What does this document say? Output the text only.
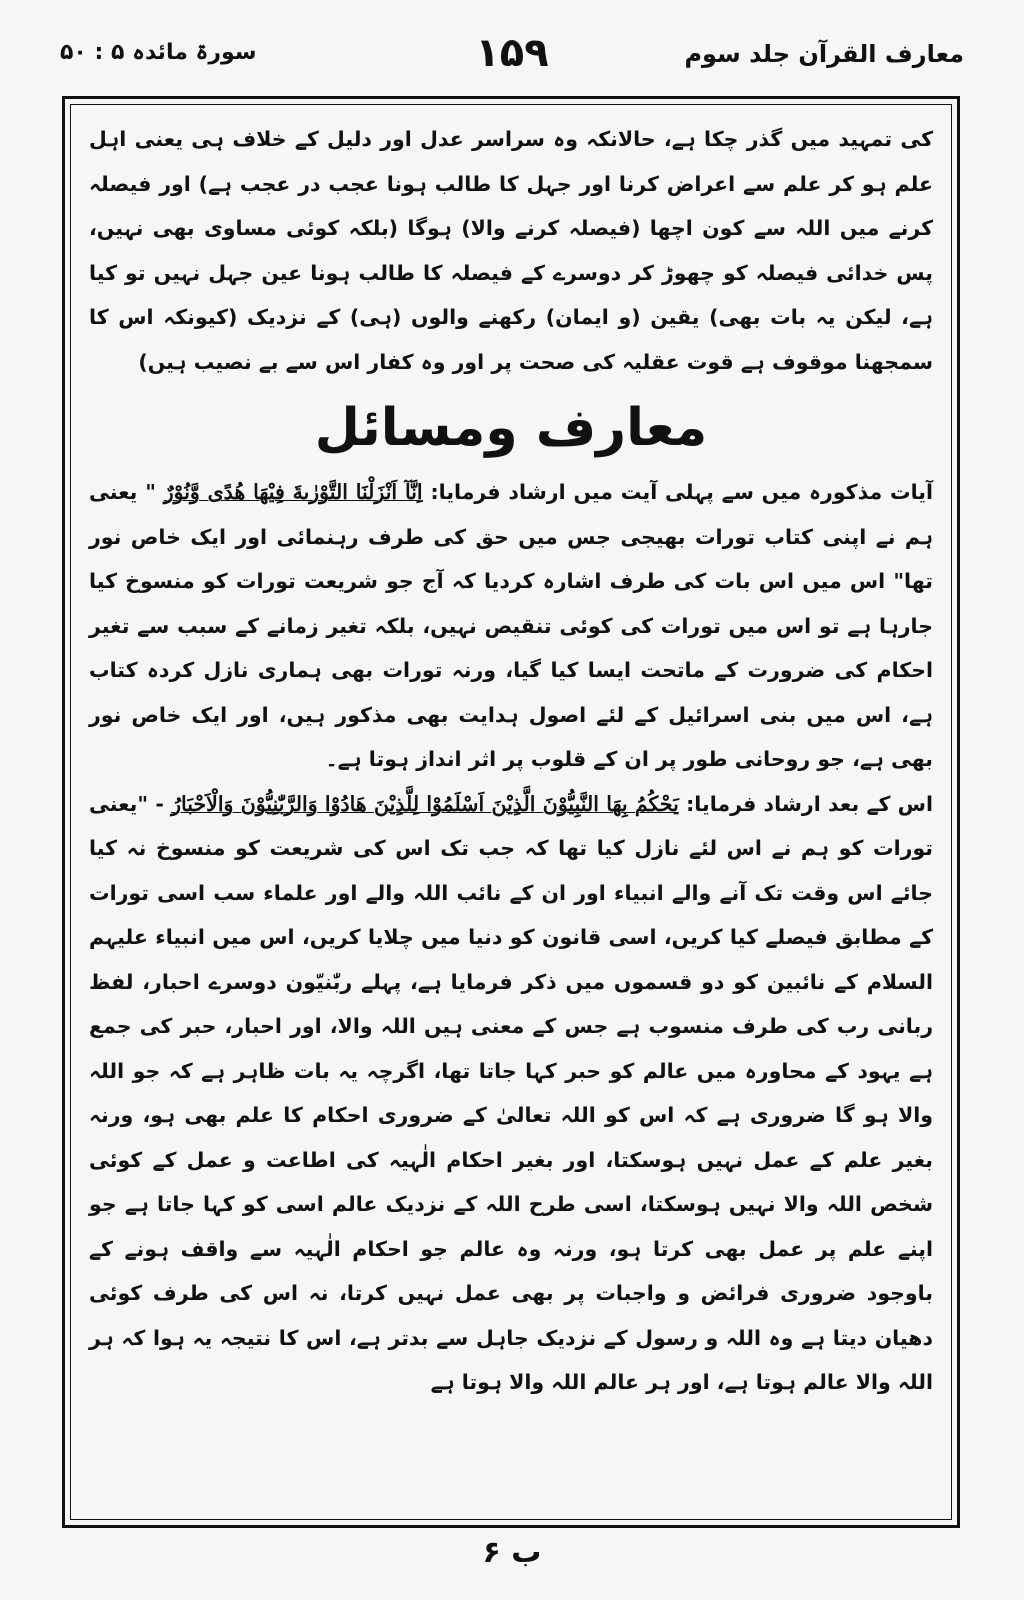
معارف القرآن جلد سوم
۱۵۹
سورۃ مائدہ ۵ : ۵۰

کی تمہید میں گذر چکا ہے، حالانکہ وہ سراسر عدل اور دلیل کے خلاف ہی یعنی اہل علم ہو کر علم سے اعراض کرنا اور جہل کا طالب ہونا عجب در عجب ہے) اور فیصلہ کرنے میں اللہ سے کون اچھا (فیصلہ کرنے والا) ہوگا (بلکہ کوئی مساوی بھی نہیں، پس خدائی فیصلہ کو چھوڑ کر دوسرے کے فیصلہ کا طالب ہونا عین جہل نہیں تو کیا ہے، لیکن یہ بات بھی) یقین (و ایمان) رکھنے والوں (ہی) کے نزدیک (کیونکہ اس کا سمجھنا موقوف ہے قوت عقلیہ کی صحت پر اور وہ کفار اس سے بے نصیب ہیں)

معارف ومسائل

آیات مذکورہ میں سے پہلی آیت میں ارشاد فرمایا: اِنَّآ اَنْزَلْنَا التَّوْرٰىةَ فِيْهَا هُدًى وَّنُوْرٌ " یعنی ہم نے اپنی کتاب تورات بھیجی جس میں حق کی طرف رہنمائی اور ایک خاص نور تھا" اس میں اس بات کی طرف اشارہ کردیا کہ آج جو شریعت تورات کو منسوخ کیا جارہا ہے تو اس میں تورات کی کوئی تنقیص نہیں، بلکہ تغیر زمانے کے سبب سے تغیر احکام کی ضرورت کے ماتحت ایسا کیا گیا، ورنہ تورات بھی ہماری نازل کردہ کتاب ہے، اس میں بنی اسرائیل کے لئے اصول ہدایت بھی مذکور ہیں، اور ایک خاص نور بھی ہے، جو روحانی طور پر ان کے قلوب پر اثر انداز ہوتا ہے۔

اس کے بعد ارشاد فرمایا: يَحْكُمُ بِهَا النَّبِيُّوْنَ الَّذِيْنَ اَسْلَمُوْا لِلَّذِيْنَ هَادُوْا وَالرَّبّٰنِيُّوْنَ وَالْاَحْبَارُ - "یعنی تورات کو ہم نے اس لئے نازل کیا تھا کہ جب تک اس کی شریعت کو منسوخ نہ کیا جائے اس وقت تک آنے والے انبیاء اور ان کے نائب اللہ والے اور علماء سب اسی تورات کے مطابق فیصلے کیا کریں، اسی قانون کو دنیا میں چلایا کریں، اس میں انبیاء علیہم السلام کے نائبین کو دو قسموں میں ذکر فرمایا ہے، پہلے ربّٰنیّون دوسرے احبار، لفظ ربانی رب کی طرف منسوب ہے جس کے معنی ہیں اللہ والا، اور احبار، حبر کی جمع ہے یہود کے محاورہ میں عالم کو حبر کہا جاتا تھا، اگرچہ یہ بات ظاہر ہے کہ جو اللہ والا ہو گا ضروری ہے کہ اس کو اللہ تعالیٰ کے ضروری احکام کا علم بھی ہو، ورنہ بغیر علم کے عمل نہیں ہوسکتا، اور بغیر احکام الٰہیہ کی اطاعت و عمل کے کوئی شخص اللہ والا نہیں ہوسکتا، اسی طرح اللہ کے نزدیک عالم اسی کو کہا جاتا ہے جو اپنے علم پر عمل بھی کرتا ہو، ورنہ وہ عالم جو احکام الٰہیہ سے واقف ہونے کے باوجود ضروری فرائض و واجبات پر بھی عمل نہیں کرتا، نہ اس کی طرف کوئی دھیان دیتا ہے وہ اللہ و رسول کے نزدیک جاہل سے بدتر ہے، اس کا نتیجہ یہ ہوا کہ ہر اللہ والا عالم ہوتا ہے، اور ہر عالم اللہ والا ہوتا ہے

ب ۶
